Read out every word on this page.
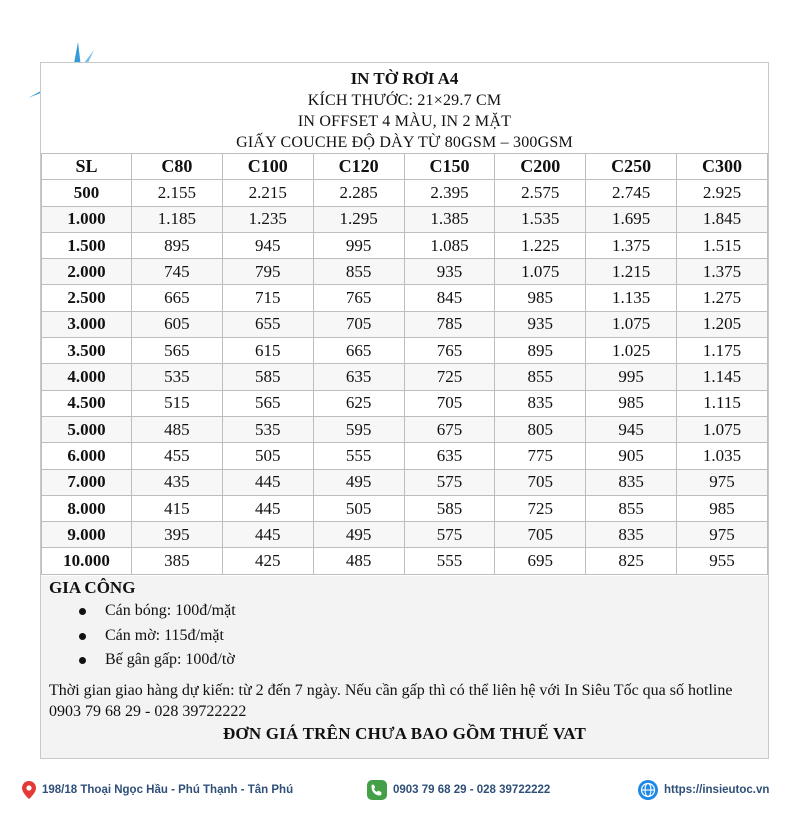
IN TỜ RƠI A4
KÍCH THƯỚC: 21×29.7 CM
IN OFFSET 4 MÀU, IN 2 MẶT
GIẤY COUCHE ĐỘ DÀY TỪ 80GSM – 300GSM
SL	C80	C100	C120	C150	C200	C250	C300
500	2.155	2.215	2.285	2.395	2.575	2.745	2.925
1.000	1.185	1.235	1.295	1.385	1.535	1.695	1.845
1.500	895	945	995	1.085	1.225	1.375	1.515
2.000	745	795	855	935	1.075	1.215	1.375
2.500	665	715	765	845	985	1.135	1.275
3.000	605	655	705	785	935	1.075	1.205
3.500	565	615	665	765	895	1.025	1.175
4.000	535	585	635	725	855	995	1.145
4.500	515	565	625	705	835	985	1.115
5.000	485	535	595	675	805	945	1.075
6.000	455	505	555	635	775	905	1.035
7.000	435	445	495	575	705	835	975
8.000	415	445	505	585	725	855	985
9.000	395	445	495	575	705	835	975
10.000	385	425	485	555	695	825	955
GIA CÔNG
Cán bóng: 100đ/mặt
Cán mờ: 115đ/mặt
Bế gân gấp: 100đ/tờ
Thời gian giao hàng dự kiến: từ 2 đến 7 ngày. Nếu cần gấp thì có thể liên hệ với In Siêu Tốc qua số hotline 0903 79 68 29 - 028 39722222
ĐƠN GIÁ TRÊN CHƯA BAO GỒM THUẾ VAT
198/18 Thoại Ngọc Hầu - Phú Thạnh - Tân Phú	0903 79 68 29 - 028 39722222	https://insieutoc.vn
